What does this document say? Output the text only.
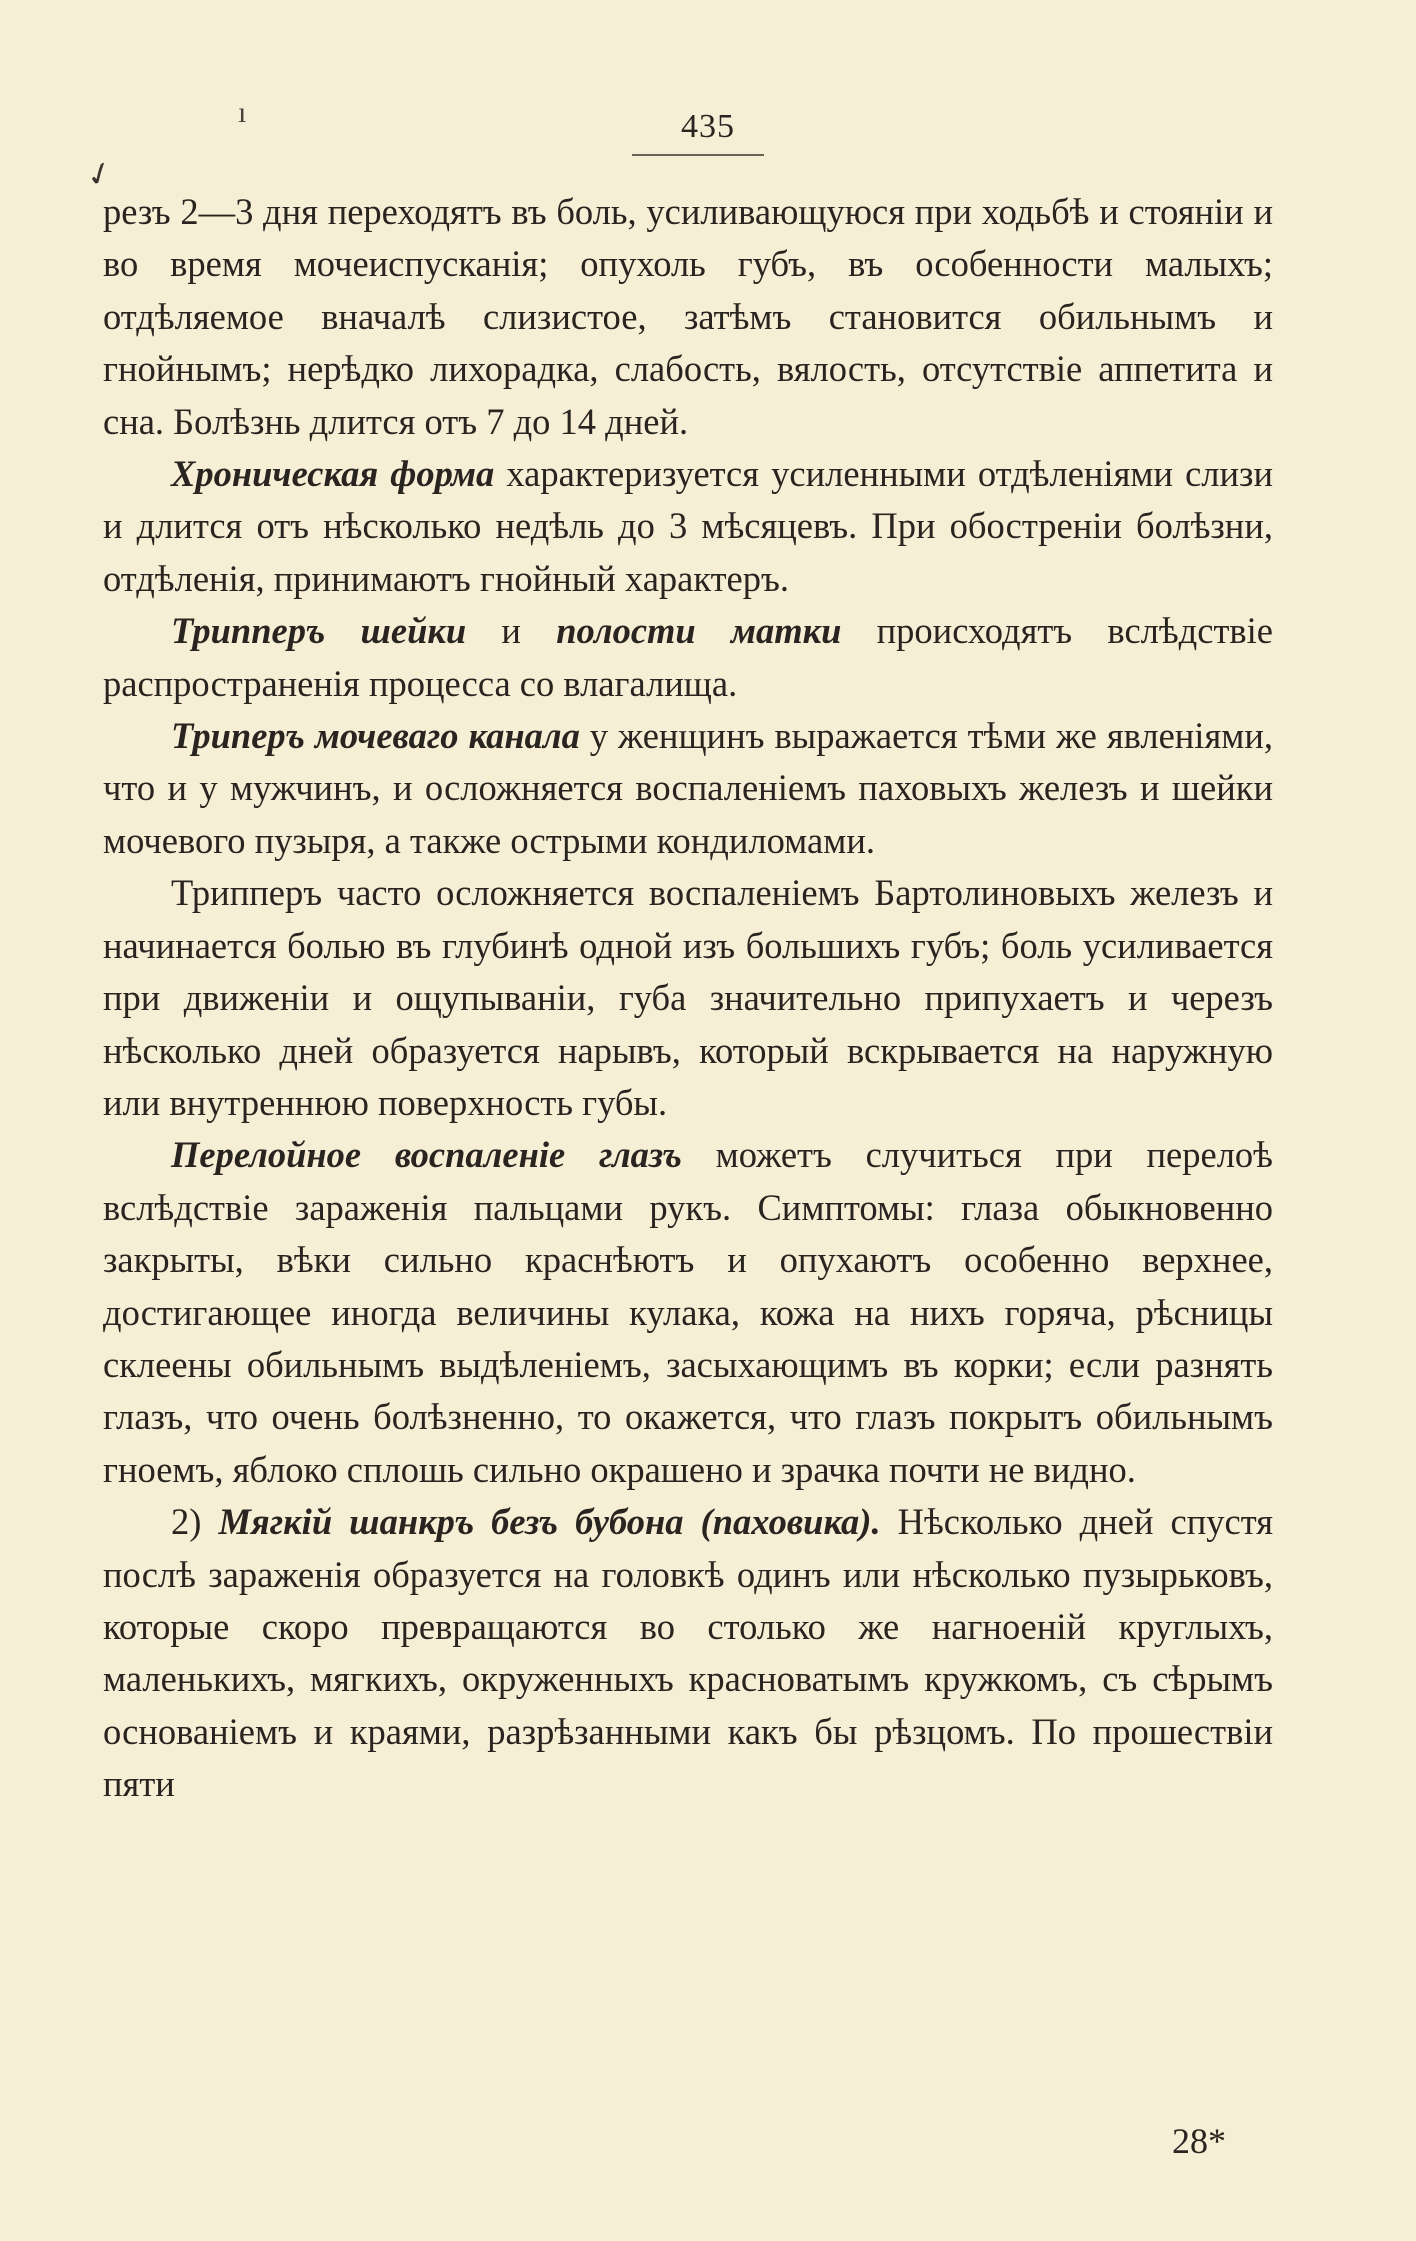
ı	435
✓

резъ 2—3 дня переходятъ въ боль, усиливающуюся при ходьбѣ и стояніи и во время мочеиспусканія; опухоль губъ, въ особенности малыхъ; отдѣляемое вначалѣ слизистое, затѣмъ становится обильнымъ и гнойнымъ; нерѣдко лихорадка, слабость, вялость, отсутствіе аппетита и сна. Болѣзнь длится отъ 7 до 14 дней.

Хроническая форма характеризуется усиленными отдѣленіями слизи и длится отъ нѣсколько недѣль до 3 мѣсяцевъ. При обостреніи болѣзни, отдѣленія, принимаютъ гнойный характеръ.

Трипперъ шейки и полости матки происходятъ вслѣдствіе распространенія процесса со влагалища.

Триперъ мочеваго канала у женщинъ выражается тѣми же явленіями, что и у мужчинъ, и осложняется воспаленіемъ паховыхъ железъ и шейки мочевого пузыря, а также острыми кондиломами.

Трипперъ часто осложняется воспаленіемъ Бартолиновыхъ железъ и начинается болью въ глубинѣ одной изъ большихъ губъ; боль усиливается при движеніи и ощупываніи, губа значительно припухаетъ и черезъ нѣсколько дней образуется нарывъ, который вскрывается на наружную или внутреннюю поверхность губы.

Перелойное воспаленіе глазъ можетъ случиться при перелоѣ вслѣдствіе зараженія пальцами рукъ. Симптомы: глаза обыкновенно закрыты, вѣки сильно краснѣютъ и опухаютъ особенно верхнее, достигающее иногда величины кулака, кожа на нихъ горяча, рѣсницы склеены обильнымъ выдѣленіемъ, засыхающимъ въ корки; если разнять глазъ, что очень болѣзненно, то окажется, что глазъ покрытъ обильнымъ гноемъ, яблоко сплошь сильно окрашено и зрачка почти не видно.

2) Мягкій шанкръ безъ бубона (паховика). Нѣсколько дней спустя послѣ зараженія образуется на головкѣ одинъ или нѣсколько пузырьковъ, которые скоро превращаются во столько же нагноеній круглыхъ, маленькихъ, мягкихъ, окруженныхъ красноватымъ кружкомъ, съ сѣрымъ основаніемъ и краями, разрѣзанными какъ бы рѣзцомъ. По прошествіи пяти

28*
